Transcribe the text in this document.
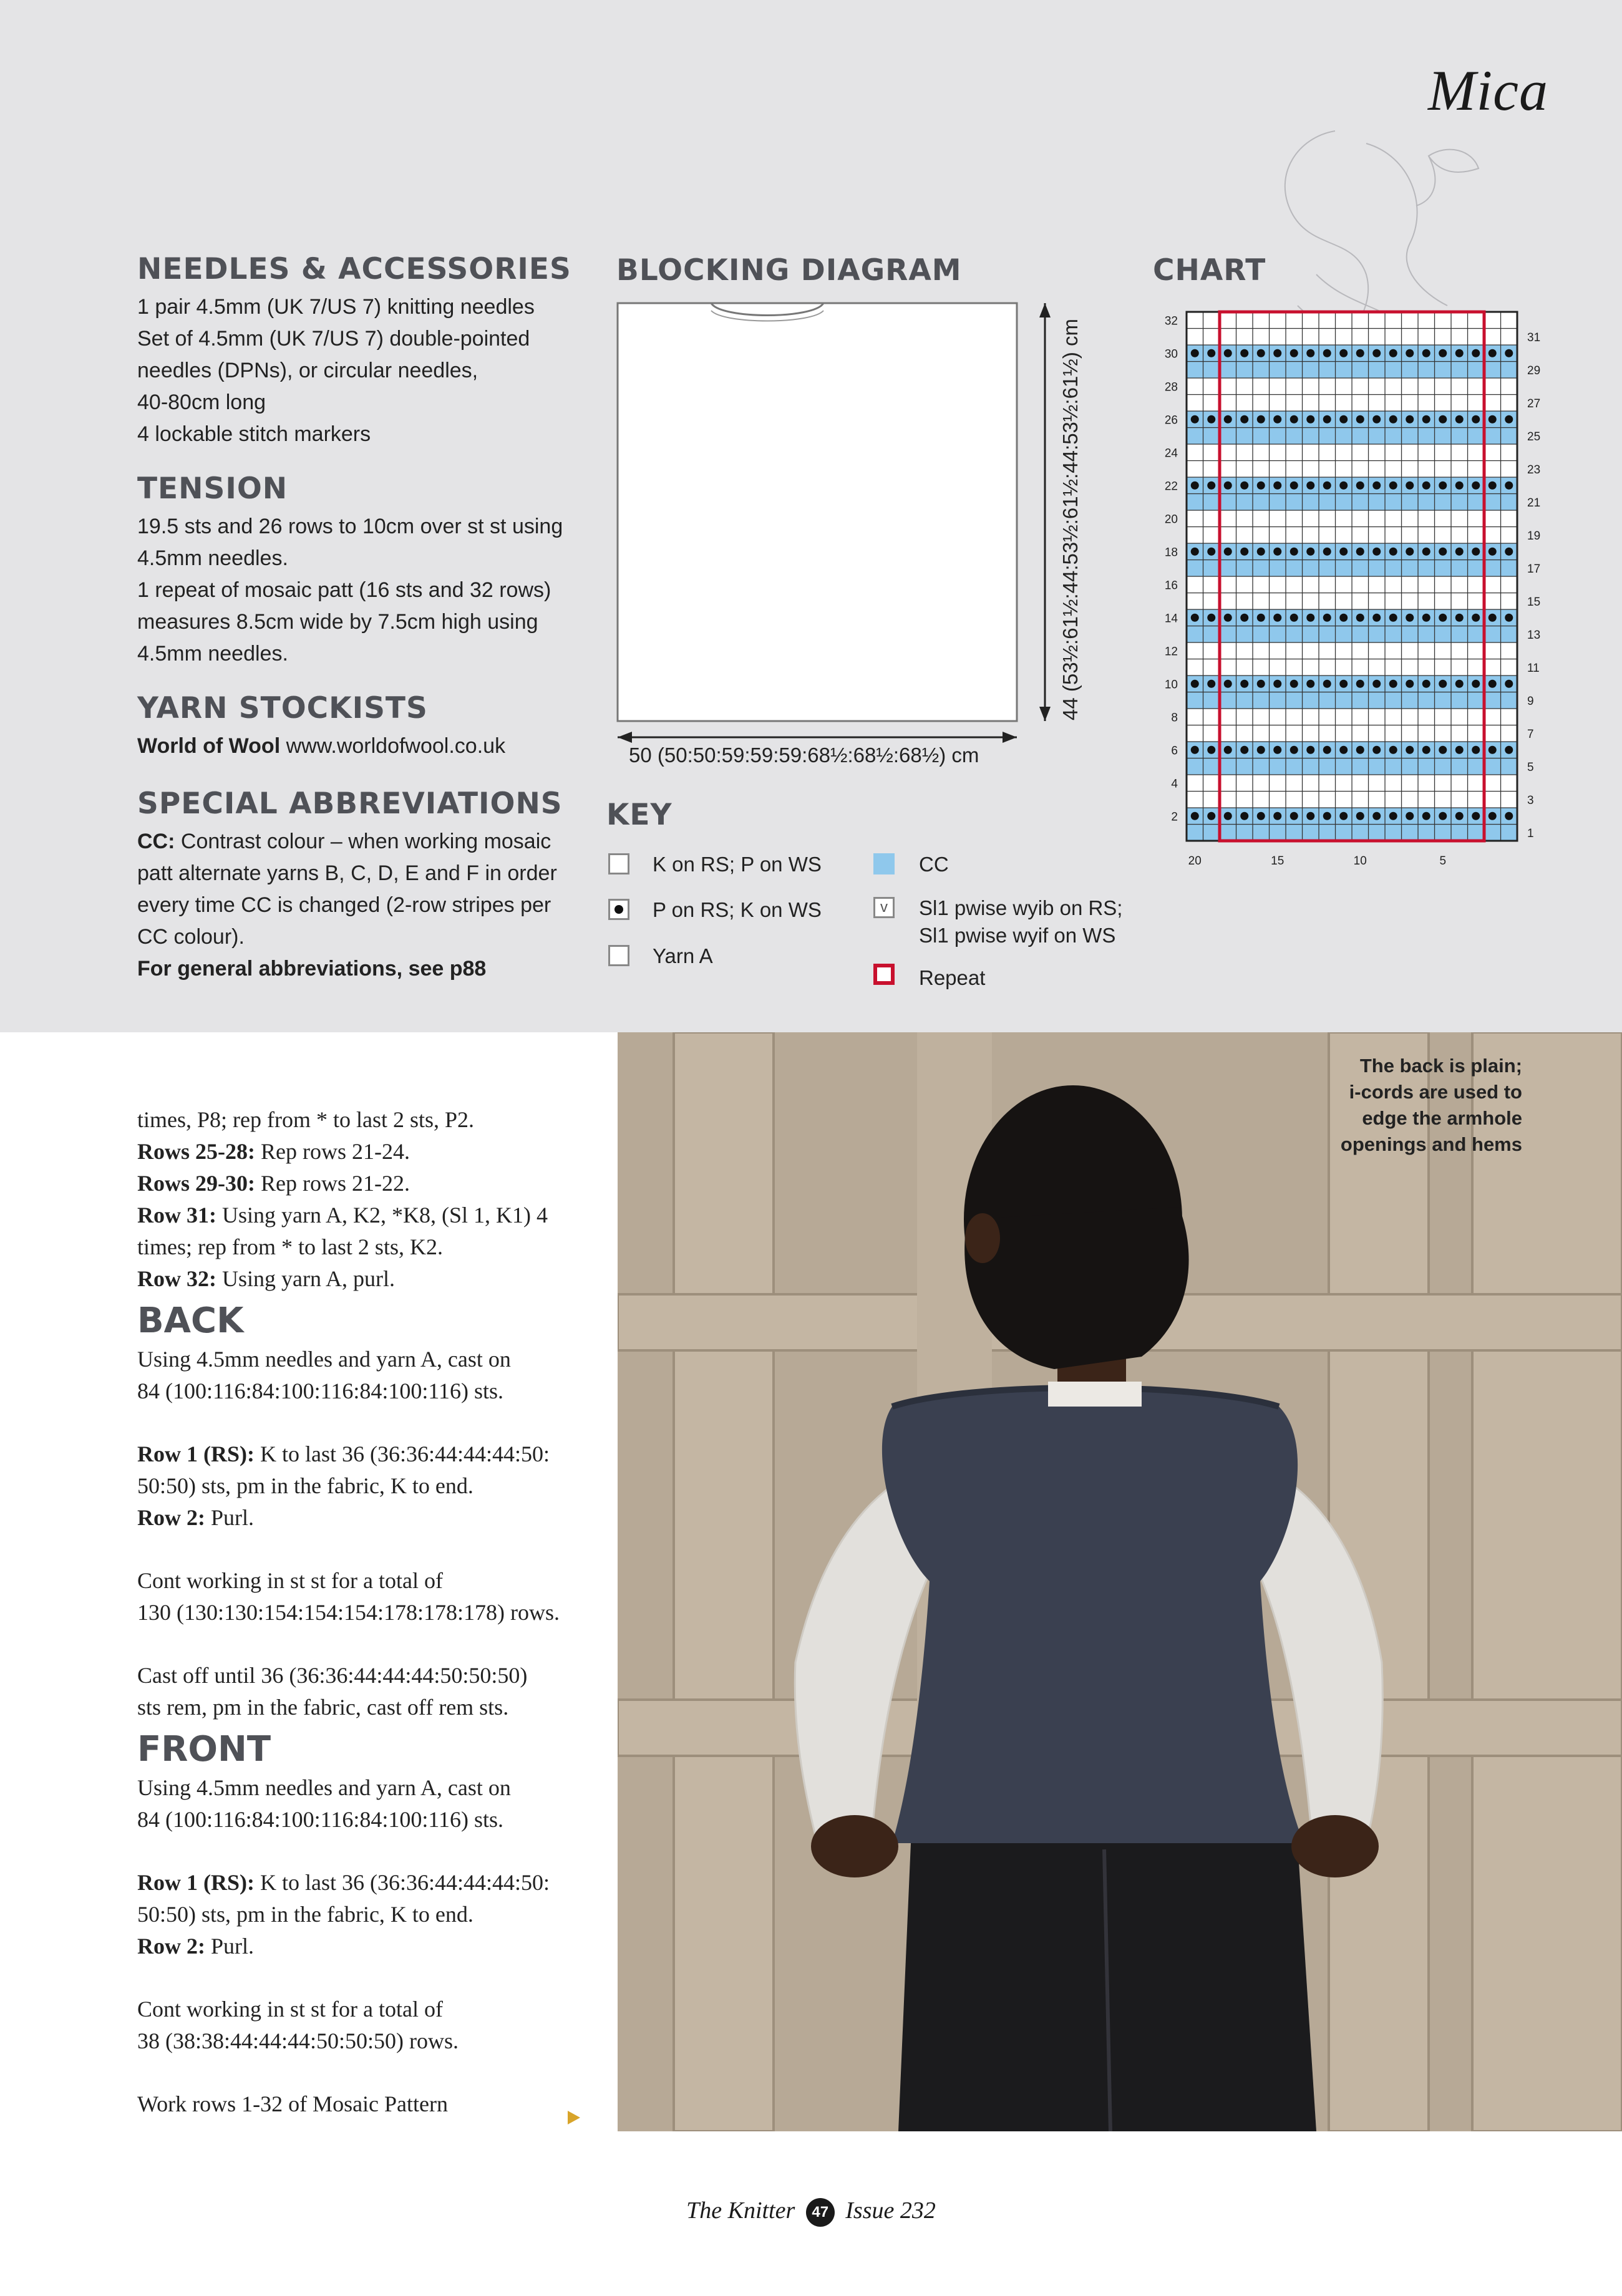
Mica
NEEDLES & ACCESSORIES
1 pair 4.5mm (UK 7/US 7) knitting needles
Set of 4.5mm (UK 7/US 7) double-pointed
needles (DPNs), or circular needles,
40-80cm long
4 lockable stitch markers
TENSION
19.5 sts and 26 rows to 10cm over st st using
4.5mm needles.
1 repeat of mosaic patt (16 sts and 32 rows)
measures 8.5cm wide by 7.5cm high using
4.5mm needles.
YARN STOCKISTS
World of Wool www.worldofwool.co.uk
SPECIAL ABBREVIATIONS
CC: Contrast colour – when working mosaic
patt alternate yarns B, C, D, E and F in order
every time CC is changed (2-row stripes per
CC colour).
For general abbreviations, see p88
BLOCKING DIAGRAM
50 (50:50:59:59:59:68½:68½:68½) cm
44 (53½:61½:44:53½:61½:44:53½:61½) cm
KEY
K on RS; P on WS
P on RS; K on WS
Yarn A
CC
v	Sl1 pwise wyib on RS;
Sl1 pwise wyif on WS
Repeat
CHART
32
30
28
26
24
22
20
18
16
14
12
10
8
6
4
2
31
29
27
25
23
21
19
17
15
13
11
9
7
5
3
1
20	15	10	5
times, P8; rep from * to last 2 sts, P2.
Rows 25-28: Rep rows 21-24.
Rows 29-30: Rep rows 21-22.
Row 31: Using yarn A, K2, *K8, (Sl 1, K1) 4
times; rep from * to last 2 sts, K2.
Row 32: Using yarn A, purl.
BACK

Using 4.5mm needles and yarn A, cast on
84 (100:116:84:100:116:84:100:116) sts.

Row 1 (RS): K to last 36 (36:36:44:44:44:50:
50:50) sts, pm in the fabric, K to end.

Row 2: Purl.

Cont working in st st for a total of
130 (130:130:154:154:154:178:178:178) rows.

Cast off until 36 (36:36:44:44:44:50:50:50)
sts rem, pm in the fabric, cast off rem sts.

FRONT

Using 4.5mm needles and yarn A, cast on
84 (100:116:84:100:116:84:100:116) sts.

Row 1 (RS): K to last 36 (36:36:44:44:44:50:
50:50) sts, pm in the fabric, K to end.

Row 2: Purl.

Cont working in st st for a total of
38 (38:38:44:44:44:50:50:50) rows.

Work rows 1-32 of Mosaic Pattern

The back is plain;
i-cords are used to
edge the armhole
openings and hems
The Knitter 47 Issue 232
